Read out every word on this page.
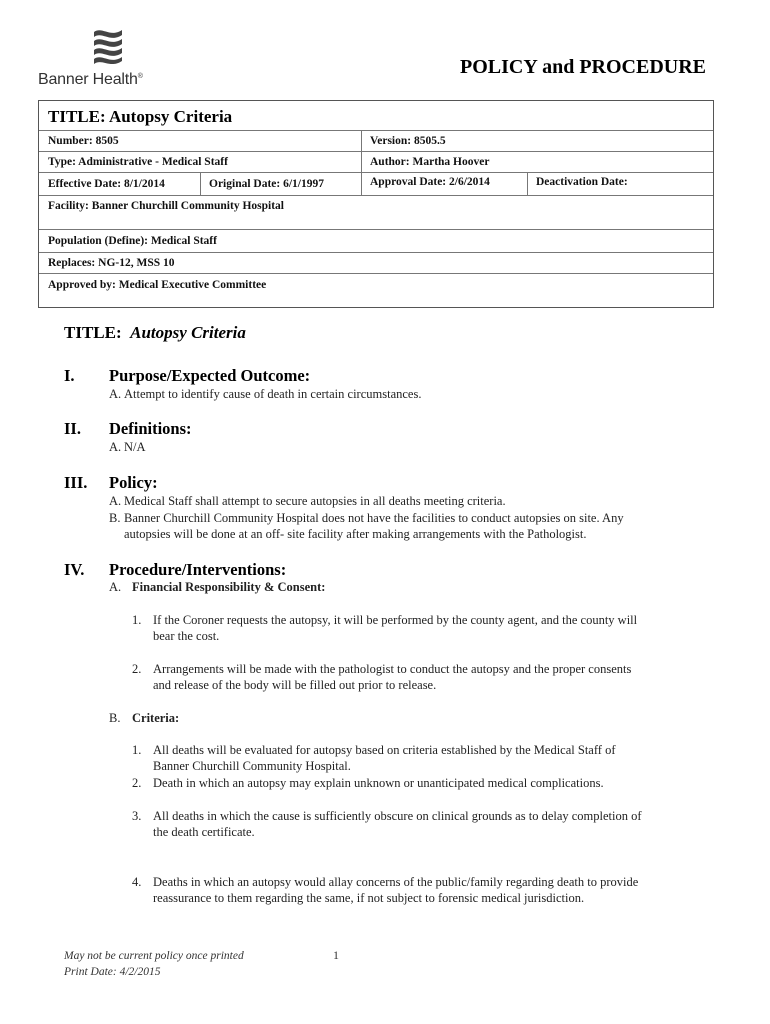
Banner Health®	POLICY and PROCEDURE
TITLE: Autopsy Criteria
Number: 8505	Version: 8505.5
Type: Administrative - Medical Staff	Author: Martha Hoover
Effective Date: 8/1/2014	Original Date: 6/1/1997	Approval Date: 2/6/2014	Deactivation Date:
Facility: Banner Churchill Community Hospital
Population (Define): Medical Staff
Replaces: NG-12, MSS 10
Approved by: Medical Executive Committee
TITLE: Autopsy Criteria
I. Purpose/Expected Outcome:
A. Attempt to identify cause of death in certain circumstances.
II. Definitions:
A. N/A
III. Policy:
A. Medical Staff shall attempt to secure autopsies in all deaths meeting criteria.
B. Banner Churchill Community Hospital does not have the facilities to conduct autopsies on site. Any
autopsies will be done at an off- site facility after making arrangements with the Pathologist.
IV. Procedure/Interventions:
A. Financial Responsibility & Consent:
1. If the Coroner requests the autopsy, it will be performed by the county agent, and the county will
bear the cost.
2. Arrangements will be made with the pathologist to conduct the autopsy and the proper consents
and release of the body will be filled out prior to release.
B. Criteria:
1. All deaths will be evaluated for autopsy based on criteria established by the Medical Staff of
Banner Churchill Community Hospital.
2. Death in which an autopsy may explain unknown or unanticipated medical complications.
3. All deaths in which the cause is sufficiently obscure on clinical grounds as to delay completion of
the death certificate.
4. Deaths in which an autopsy would allay concerns of the public/family regarding death to provide
reassurance to them regarding the same, if not subject to forensic medical jurisdiction.
May not be current policy once printed
Print Date: 4/2/2015
1
